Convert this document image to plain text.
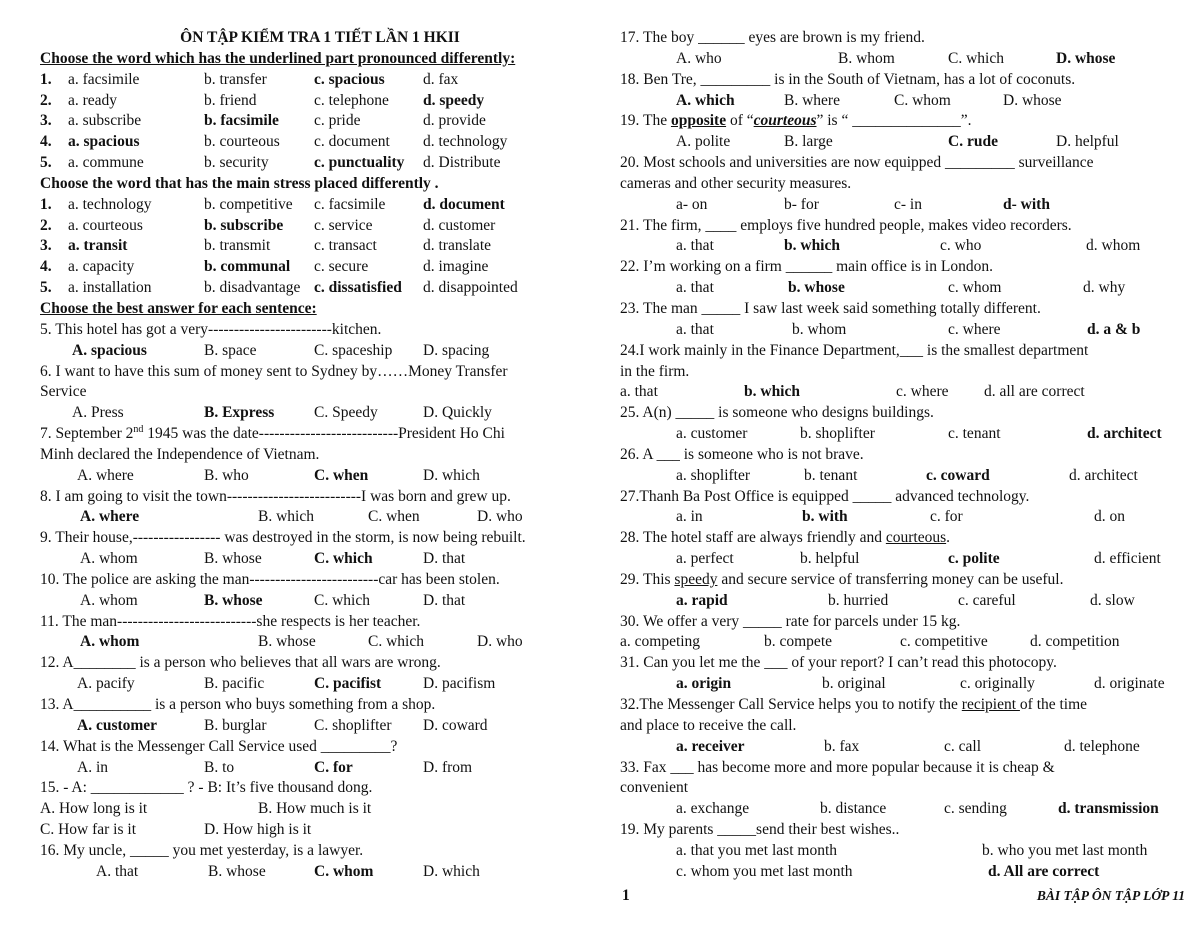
ÔN TẬP KIỂM TRA 1 TIẾT LẦN 1 HKII
Choose the word which has the underlined part pronounced differently:
1. a. facsimile	b. transfer	c. spacious d. fax
2. a. ready	b. friend	c. telephone d. speedy
3. a. subscribe	b. facsimile c. pride	d. provide
4. a. spacious	b. courteous c. document d. technology
5. a. commune	b. security	c. punctuality d. Distribute
Choose the word that has the main stress placed differently .
1. a. technology	b. competitive c. facsimile d. document
2. a. courteous	b. subscribe c. service	d. customer
3. a. transit	b. transmit	c. transact	d. translate
4. a. capacity	b. communal c. secure	d. imagine
5. a. installation	b. disadvantage c. dissatisfied d. disappointed
Choose the best answer for each sentence:
5. This hotel has got a very------------------------kitchen.
A. spacious	B. space	C. spaceship D. spacing
6. I want to have this sum of money sent to Sydney by……Money Transfer
Service
A. Press	B. Express	C. Speedy	D. Quickly
7. September 2nd 1945 was the date---------------------------President Ho Chi
Minh declared the Independence of Vietnam.
A. where	B. who	C. when	D. which
8. I am going to visit the town--------------------------I was born and grew up.
A. where	B. which	C. when	D. who
9. Their house,----------------- was destroyed in the storm, is now being rebuilt.
A. whom	B. whose	C. which	D. that
10. The police are asking the man-------------------------car has been stolen.
A. whom	B. whose	C. which	D. that
11. The man---------------------------she respects is her teacher.
A. whom	B. whose	C. which	D. who
12. A________ is a person who believes that all wars are wrong.
A. pacify	B. pacific	C. pacifist	D. pacifism
13. A__________ is a person who buys something from a shop.
A. customer	B. burglar	C. shoplifter D. coward
14. What is the Messenger Call Service used _________?
A. in	B. to	C. for	D. from
15. - A: ____________ ? - B: It’s five thousand dong.
A. How long is it	B. How much is it
C. How far is it	D. How high is it
16. My uncle, _____ you met yesterday, is a lawyer.
A. that	B. whose	C. whom	D. which
17. The boy ______ eyes are brown is my friend.
A. who	B. whom	C. which	D. whose
18. Ben Tre, _________ is in the South of Vietnam, has a lot of coconuts.
A. which	B. where	C. whom	D. whose
19. The opposite of “courteous” is “ ______________”.
A. polite	B. large	C. rude	D. helpful
20. Most schools and universities are now equipped _________ surveillance
cameras and other security measures.
a- on	b- for	c- in	d- with
21. The firm, ____ employs five hundred people, makes video recorders.
a. that	b. which	c. who	d. whom
22. I’m working on a firm ______ main office is in London.
a. that	b. whose	c. whom	d. why
23. The man _____ I saw last week said something totally different.
a. that	b. whom	c. where	d. a & b
24.I work mainly in the Finance Department,___ is the smallest department
in the firm.
a. that	b. which	c. where d. all are correct
25. A(n) _____ is someone who designs buildings.
a. customer	b. shoplifter	c. tenant	d. architect
26. A ___ is someone who is not brave.
a. shoplifter	b. tenant	c. coward	d. architect
27.Thanh Ba Post Office is equipped _____ advanced technology.
a. in	b. with	c. for	d. on
28. The hotel staff are always friendly and courteous.
a. perfect	b. helpful	c. polite	d. efficient
29. This speedy and secure service of transferring money can be useful.
a. rapid	b. hurried	c. careful	d. slow
30. We offer a very _____ rate for parcels under 15 kg.
a. competing	b. compete	c. competitive	d. competition
31. Can you let me the ___ of your report? I can’t read this photocopy.
a. origin	b. original	c. originally	d. originate
32.The Messenger Call Service helps you to notify the recipient of the time
and place to receive the call.
a. receiver	b. fax	c. call	d. telephone
33. Fax ___ has become more and more popular because it is cheap &
convenient
a. exchange	b. distance	c. sending	d. transmission
19. My parents _____send their best wishes..
a. that you met last month	b. who you met last month
c. whom you met last month	d. All are correct
1	BÀI TẬP ÔN TẬP LỚP 11
